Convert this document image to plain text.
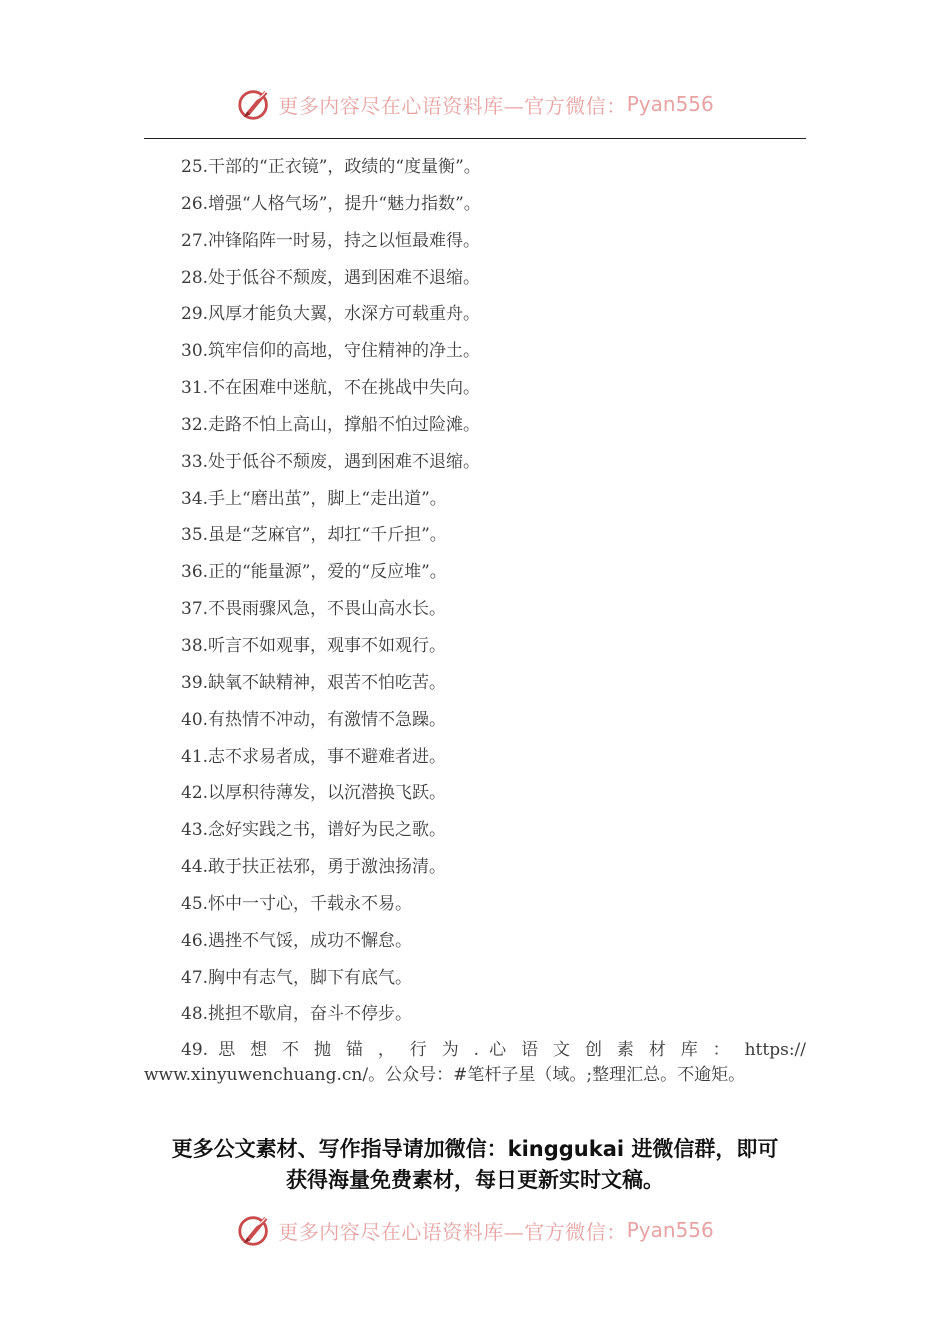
更多内容尽在心语资料库—官方微信： Pyan556
25.干部的“正衣镜”，政绩的“度量衡”。
26.增强“人格气场”，提升“魅力指数”。
27.冲锋陷阵一时易，持之以恒最难得。
28.处于低谷不颓废，遇到困难不退缩。
29.风厚才能负大翼，水深方可载重舟。
30.筑牢信仰的高地，守住精神的净土。
31.不在困难中迷航，不在挑战中失向。
32.走路不怕上高山，撑船不怕过险滩。
33.处于低谷不颓废，遇到困难不退缩。
34.手上“磨出茧”，脚上“走出道”。
35.虽是“芝麻官”，却扛“千斤担”。
36.正的“能量源”，爱的“反应堆”。
37.不畏雨骤风急，不畏山高水长。
38.听言不如观事，观事不如观行。
39.缺氧不缺精神，艰苦不怕吃苦。
40.有热情不冲动，有激情不急躁。
41.志不求易者成，事不避难者进。
42.以厚积待薄发，以沉潜换飞跃。
43.念好实践之书，谱好为民之歌。
44.敢于扶正祛邪，勇于激浊扬清。
45.怀中一寸心，千载永不易。
46.遇挫不气馁，成功不懈怠。
47.胸中有志气，脚下有底气。
48.挑担不歇肩，奋斗不停步。
49. 思 想 不 抛 锚 ， 行 为 . 心 语 文 创 素 材 库 ： https://
www.xinyuwenchuang.cn/。公众号：#笔杆子星（域。;整理汇总。不逾矩。
更多公文素材、写作指导请加微信：kinggukai 进微信群，即可
获得海量免费素材，每日更新实时文稿。
更多内容尽在心语资料库—官方微信： Pyan556
